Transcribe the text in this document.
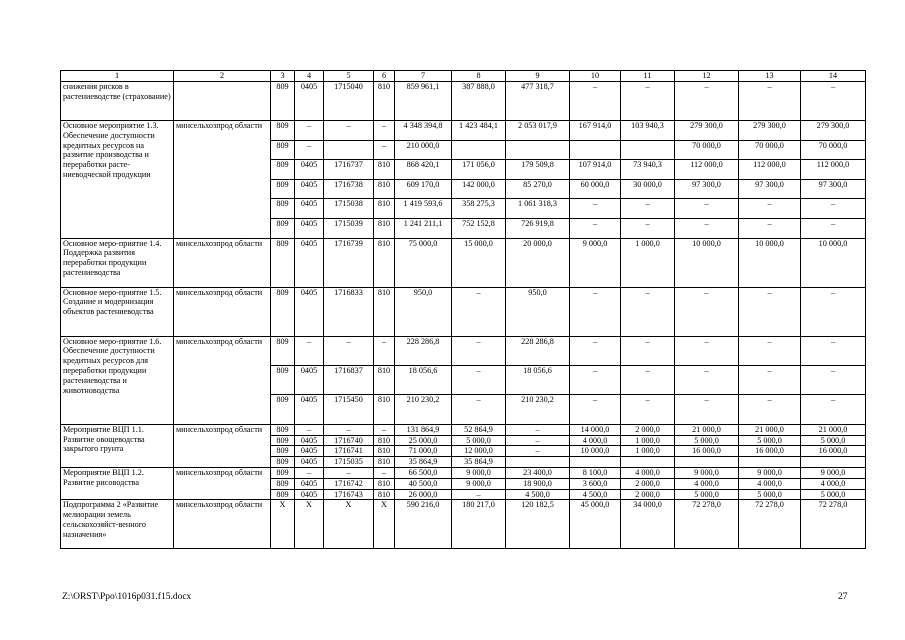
1	2	3	4	5	6	7	8	9	10	11	12	13	14
снижения рисков в растениеводстве (страхование)		809	0405	1715040	810	859 961,1	387 888,0	477 318,7	–	–	–	–	–
Основное мероприятие 1.3. Обеспечение доступности кредитных ресурсов на развитие производства и переработки расте-ниеводческой продукции	минсельхозпрод области	809	–	–	–	4 348 394,8	1 423 484,1	2 053 017,9	167 914,0	103 940,3	279 300,0	279 300,0	279 300,0
		809	–		–	210 000,0					70 000,0	70 000,0	70 000,0
		809	0405	1716737	810	868 420,1	171 056,0	179 509,8	107 914,0	73 940,3	112 000,0	112 000,0	112 000,0
		809	0405	1716738	810	609 170,0	142 000,0	85 270,0	60 000,0	30 000,0	97 300,0	97 300,0	97 300,0
		809	0405	1715038	810	1 419 593,6	358 275,3	1 061 318,3	–	–	–	–	–
		809	0405	1715039	810	1 241 211,1	752 152,8	726 919,8	–	–	–	–	–
Основное меро-приятие 1.4. Поддержка развития переработки продукции растениеводства	минсельхозпрод области	809	0405	1716739	810	75 000,0	15 000,0	20 000,0	9 000,0	1 000,0	10 000,0	10 000,0	10 000,0
Основное меро-приятие 1.5. Создание и модернизация объектов растениеводства	минсельхозпрод области	809	0405	1716833	810	950,0	–	950,0	–	–	–	–	–
Основное меро-приятие 1.6. Обеспечение доступности кредитных ресурсов для переработки продукции растениеводства и животноводства	минсельхозпрод области	809	–	–	–	228 286,8	–	228 286,8	–	–	–	–	–
		809	0405	1716837	810	18 056,6	–	18 056,6	–	–	–	–	–
		809	0405	1715450	810	210 230,2	–	210 230,2	–	–	–	–	–
Мероприятие ВЦП 1.1. Развитие овощеводства закрытого грунта	минсельхозпрод области	809	–	–	–	131 864,9	52 864,9	–	14 000,0	2 000,0	21 000,0	21 000,0	21 000,0
		809	0405	1716740	810	25 000,0	5 000,0	–	4 000,0	1 000,0	5 000,0	5 000,0	5 000,0
		809	0405	1716741	810	71 000,0	12 000,0	–	10 000,0	1 000,0	16 000,0	16 000,0	16 000,0
		809	0405	1715035	810	35 864,9	35 864,9						
Мероприятие ВЦП 1.2. Развитие рисоводства	минсельхозпрод области	809	–	–	–	66 500,0	9 000,0	23 400,0	8 100,0	4 000,0	9 000,0	9 000,0	9 000,0
		809	0405	1716742	810	40 500,0	9 000,0	18 900,0	3 600,0	2 000,0	4 000,0	4 000,0	4 000,0
		809	0405	1716743	810	26 000,0	–	4 500,0	4 500,0	2 000,0	5 000,0	5 000,0	5 000,0
Подпрограмма 2 «Развитие мелиорации земель сельскохозяйст-венного назначения»	минсельхозпрод области	Х	Х	Х	Х	590 216,0	180 217,0	120 182,5	45 000,0	34 000,0	72 278,0	72 278,0	72 278,0
Z:\ORST\Ppo\1016p031.f15.docx	27
